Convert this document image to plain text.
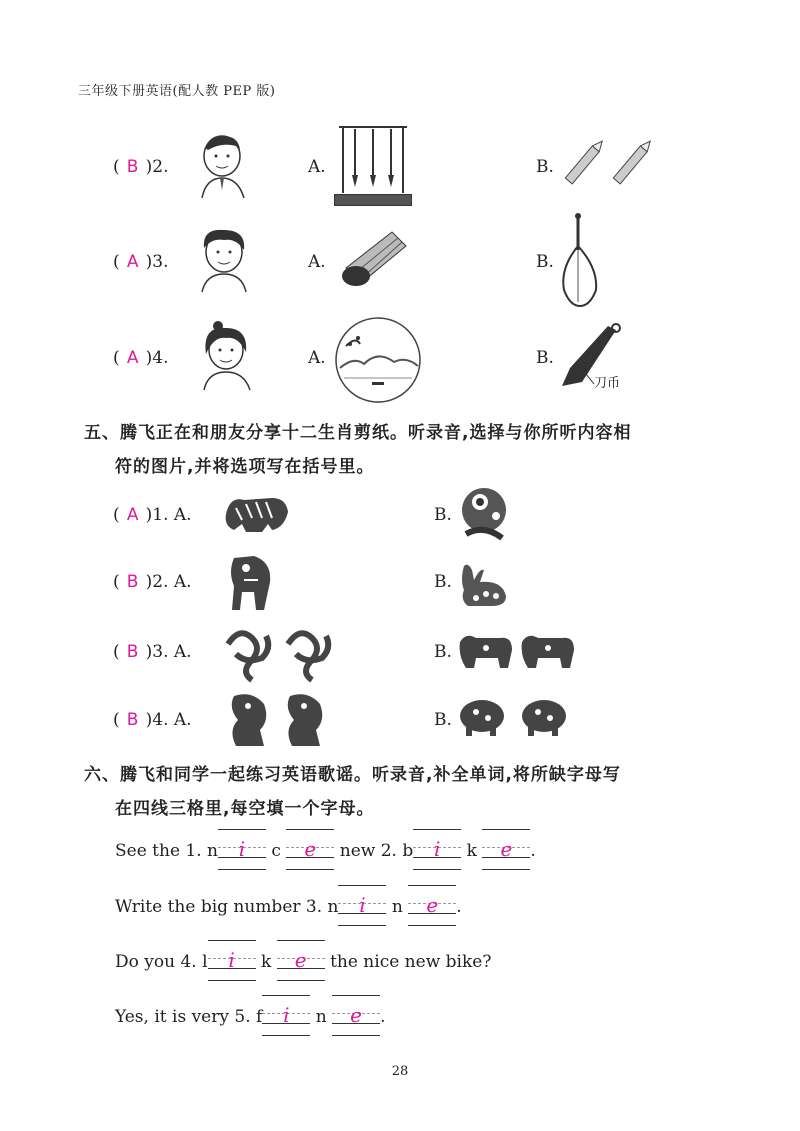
三年级下册英语(配人教 PEP 版)
( B )2.	A.	B.
( A )3.	A.	B.
( A )4.	A.	B.
刀币
五、腾飞正在和朋友分享十二生肖剪纸。听录音,选择与你所听内容相
符的图片,并将选项写在括号里。
( A )1. A.	B.
( B )2. A.	B.
( B )3. A.	B.
( B )4. A.	B.
六、腾飞和同学一起练习英语歌谣。听录音,补全单词,将所缺字母写
在四线三格里,每空填一个字母。
See the 1. n	i	c	e	new 2. b	i	k	e	.
Write the big number 3. n	i	n	e	.
Do you 4. l	i	k	e	the nice new bike?
Yes, it is very 5. f	i	n	e	.
28
